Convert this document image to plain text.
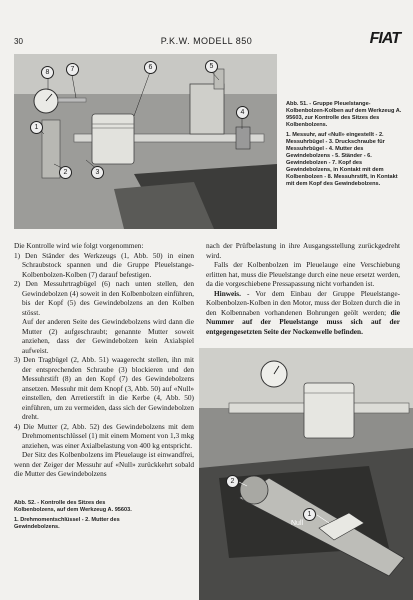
30	P.K.W. MODELL 850	FIAT
8	7	6	5
1
4
2	3

Abb. 51. - Gruppe Pleuelstange-Kolbenbolzen-Kolben auf dem Werkzeug A. 95603, zur Kontrolle des Sitzes des Kolbenbolzens.

1. Messuhr, auf «Null» eingestellt - 2. Messuhrbügel - 3. Druckschraube für Messuhrbügel - 4. Mutter des Gewindebolzens - 5. Ständer - 6. Gewindebolzen - 7. Kopf des Gewindebolzens, in Kontakt mit dem Kolbenbolzen - 8. Messuhrstift, in Kontakt mit dem Kopf des Gewindebolzens.

Die Kontrolle wird wie folgt vorgenommen:

1) Den Ständer des Werkzeugs (1, Abb. 50) in einen Schraubstock spannen und die Gruppe Pleuelstange-Kolbenbolzen-Kolben (7) darauf befestigen.

2) Den Messuhrtragbügel (6) nach unten stellen, den Gewindebolzen (4) soweit in den Kolbenbolzen einführen, bis der Kopf (5) des Gewindebolzens an den Kolben stösst.

Auf der anderen Seite des Gewindebolzens wird dann die Mutter (2) aufgeschraubt; genannte Mutter soweit anziehen, dass der Gewindebolzen kein Axialspiel aufweist.

3) Den Tragbügel (2, Abb. 51) waagerecht stellen, ihn mit der entsprechenden Schraube (3) blockieren und den Messuhrstift (8) an den Kopf (7) des Gewindebolzens ansetzen. Messuhr mit dem Knopf (3, Abb. 50) auf «Null» einstellen, den Arretierstift in die Kerbe (4, Abb. 50) einführen, um zu vermeiden, dass sich der Gewindebolzen dreht.

4) Die Mutter (2, Abb. 52) des Gewindebolzens mit dem Drehmomentschlüssel (1) mit einem Moment von 1,3 mkg anziehen, was einer Axialbelastung von 400 kg entspricht.

Der Sitz des Kolbenbolzens im Pleuelauge ist einwandfrei, wenn der Zeiger der Messuhr auf «Null» zurückkehrt sobald die Mutter des Gewindebolzens

nach der Prüfbelastung in ihre Ausgangsstellung zurückgedreht wird.

Falls der Kolbenbolzen im Pleuelauge eine Verschiebung erlitten hat, muss die Pleuelstange durch eine neue ersetzt werden, da die vorgeschiebene Pressapassung nicht vorhanden ist.

Hinweis. - Vor dem Einbau der Gruppe Pleuelstange-Kolbenbolzen-Kolben in den Motor, muss der Bolzen durch die in den Kolbennaben vorhandenen Bohrungen geölt werden; die Nummer auf der Pleuelstange muss sich auf der entgegengesetzten Seite der Nockenwelle befinden.

2
1
Null

Abb. 52. - Kontrolle des Sitzes des Kolbenbolzens, auf dem Werkzeug A. 95603.

1. Drehmomentschlüssel - 2. Mutter des Gewindebolzens.
